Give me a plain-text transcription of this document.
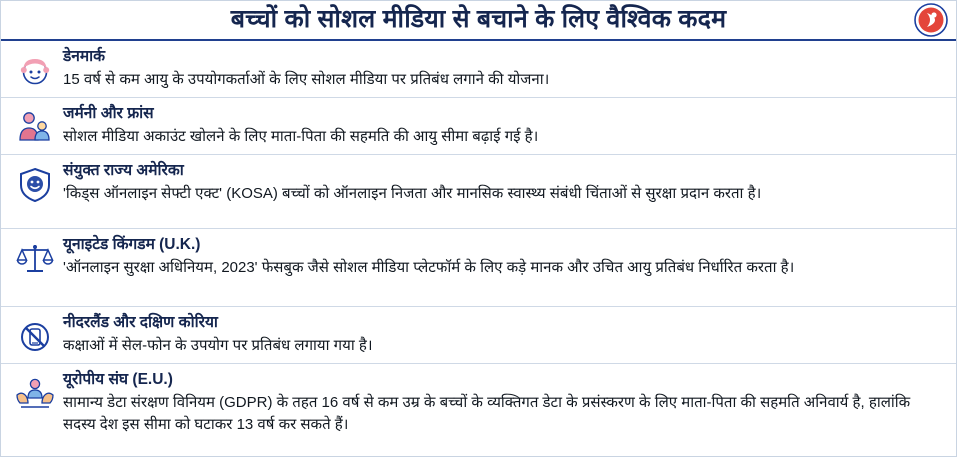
बच्चों को सोशल मीडिया से बचाने के लिए वैश्विक कदम
डेनमार्क
15 वर्ष से कम आयु के उपयोगकर्ताओं के लिए सोशल मीडिया पर प्रतिबंध लगाने की योजना।
जर्मनी और फ्रांस
सोशल मीडिया अकाउंट खोलने के लिए माता-पिता की सहमति की आयु सीमा बढ़ाई गई है।
संयुक्त राज्य अमेरिका
'किड्स ऑनलाइन सेफ्टी एक्ट' (KOSA) बच्चों को ऑनलाइन निजता और मानसिक स्वास्थ्य संबंधी चिंताओं से सुरक्षा प्रदान करता है।
यूनाइटेड किंगडम (U.K.)
'ऑनलाइन सुरक्षा अधिनियम, 2023' फेसबुक जैसे सोशल मीडिया प्लेटफॉर्म के लिए कड़े मानक और उचित आयु प्रतिबंध निर्धारित करता है।
नीदरलैंड और दक्षिण कोरिया
कक्षाओं में सेल-फोन के उपयोग पर प्रतिबंध लगाया गया है।
यूरोपीय संघ (E.U.)
सामान्य डेटा संरक्षण विनियम (GDPR) के तहत 16 वर्ष से कम उम्र के बच्चों के व्यक्तिगत डेटा के प्रसंस्करण के लिए माता-पिता की सहमति अनिवार्य है, हालांकि सदस्य देश इस सीमा को घटाकर 13 वर्ष कर सकते हैं।
